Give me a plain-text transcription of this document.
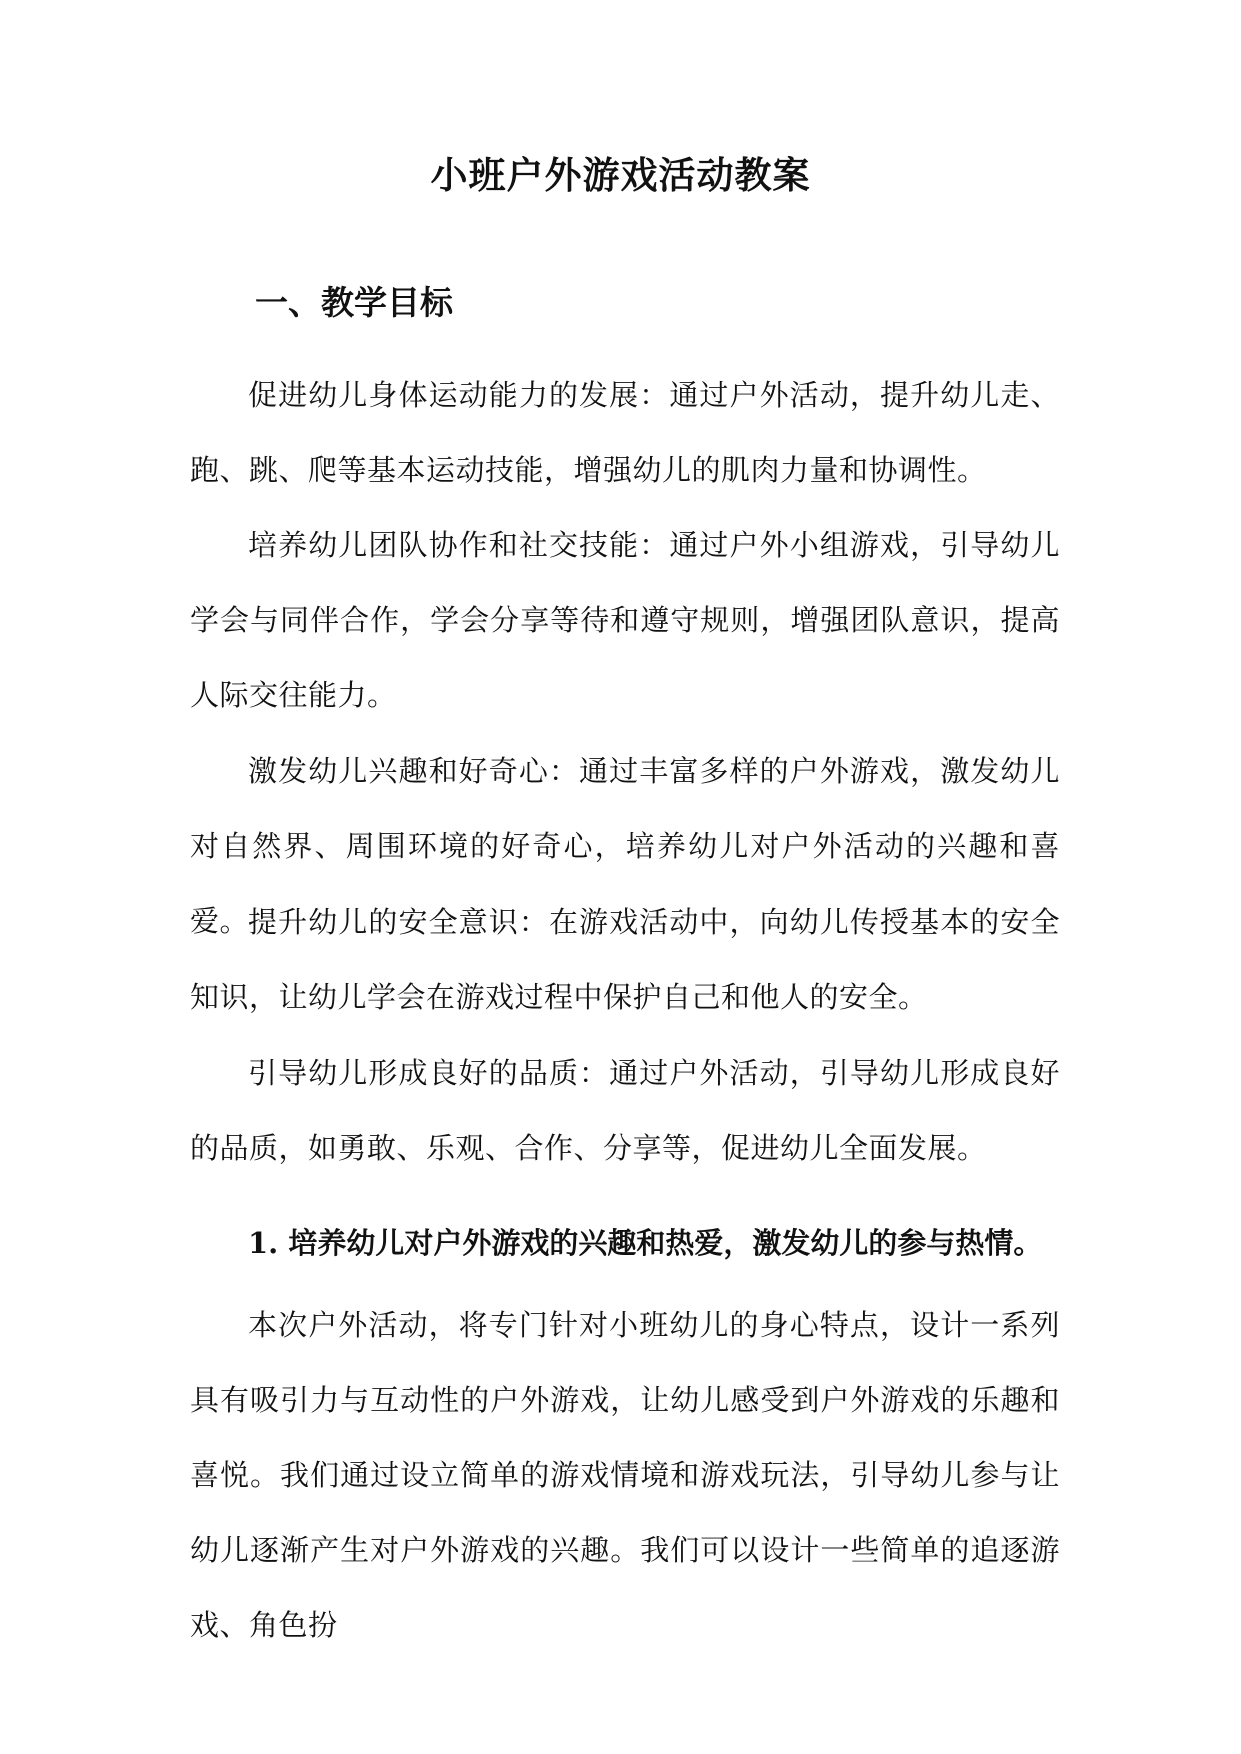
小班户外游戏活动教案
一、教学目标

促进幼儿身体运动能力的发展：通过户外活动，提升幼儿走、跑、跳、爬等基本运动技能，增强幼儿的肌肉力量和协调性。

培养幼儿团队协作和社交技能：通过户外小组游戏，引导幼儿学会与同伴合作，学会分享等待和遵守规则，增强团队意识，提高人际交往能力。

激发幼儿兴趣和好奇心：通过丰富多样的户外游戏，激发幼儿对自然界、周围环境的好奇心，培养幼儿对户外活动的兴趣和喜爱。

提升幼儿的安全意识：在游戏活动中，向幼儿传授基本的安全知识，让幼儿学会在游戏过程中保护自己和他人的安全。

引导幼儿形成良好的品质：通过户外活动，引导幼儿形成良好的品质，如勇敢、乐观、合作、分享等，促进幼儿全面发展。

1. 培养幼儿对户外游戏的兴趣和热爱，激发幼儿的参与热情。

本次户外活动，将专门针对小班幼儿的身心特点，设计一系列具有吸引力与互动性的户外游戏，让幼儿感受到户外游戏的乐趣和喜悦。我们通过设立简单的游戏情境和游戏玩法，引导幼儿参与让幼儿逐渐产生对户外游戏的兴趣。我们可以设计一些简单的追逐游戏、角色扮
